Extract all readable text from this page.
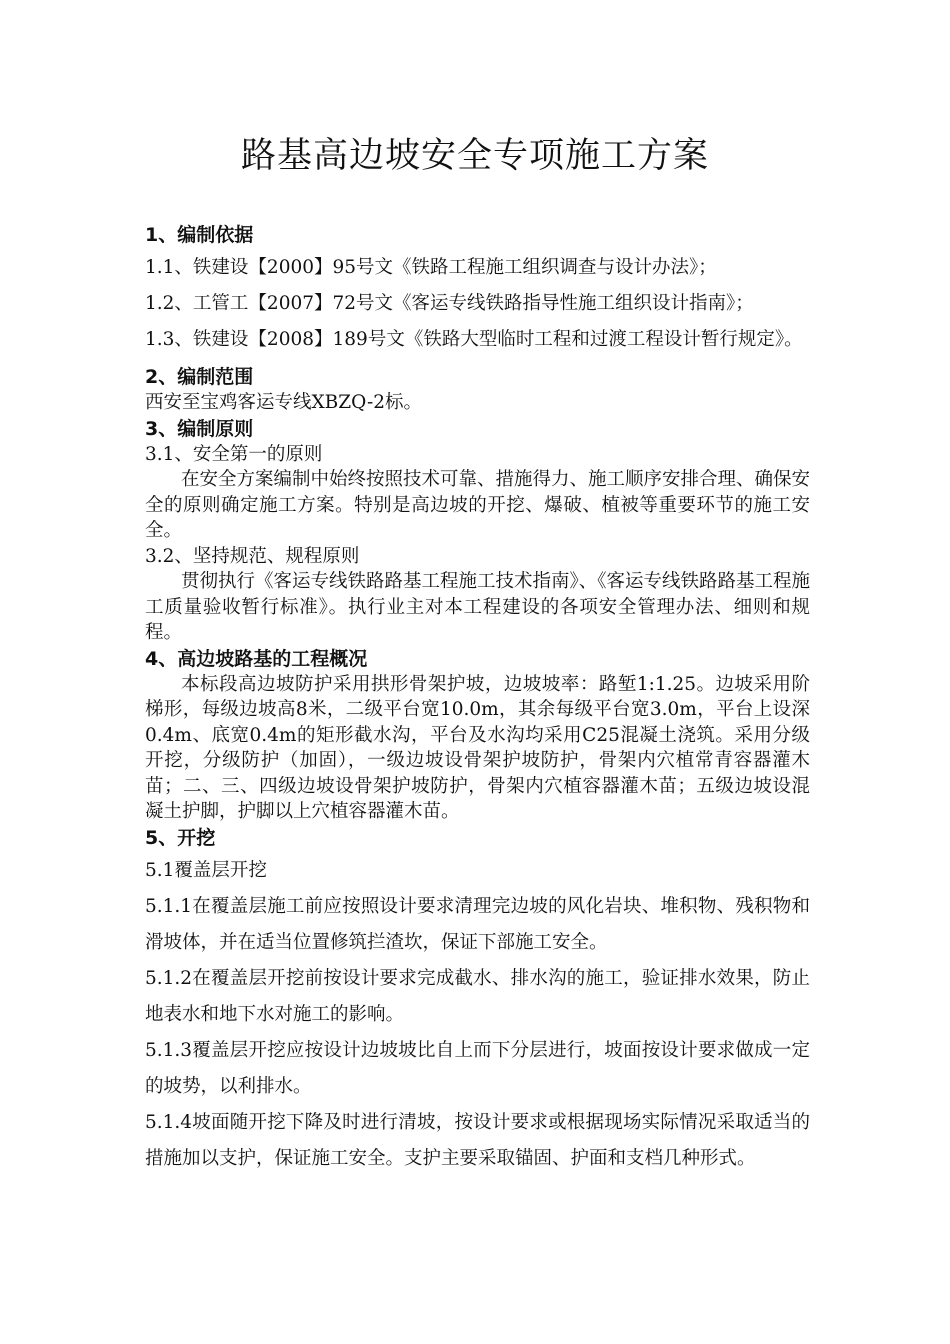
路基高边坡安全专项施工方案

1、编制依据

1.1、铁建设【2000】95号文《铁路工程施工组织调查与设计办法》；

1.2、工管工【2007】72号文《客运专线铁路指导性施工组织设计指南》；

1.3、铁建设【2008】189号文《铁路大型临时工程和过渡工程设计暂行规定》。

2、编制范围

西安至宝鸡客运专线XBZQ-2标。

3、编制原则

3.1、安全第一的原则

在安全方案编制中始终按照技术可靠、措施得力、施工顺序安排合理、确保安全的原则确定施工方案。特别是高边坡的开挖、爆破、植被等重要环节的施工安全。

3.2、坚持规范、规程原则

贯彻执行《客运专线铁路路基工程施工技术指南》、《客运专线铁路路基工程施工质量验收暂行标准》。执行业主对本工程建设的各项安全管理办法、细则和规程。

4、高边坡路基的工程概况

本标段高边坡防护采用拱形骨架护坡，边坡坡率：路堑1:1.25。边坡采用阶梯形，每级边坡高8米，二级平台宽10.0m，其余每级平台宽3.0m，平台上设深0.4m、底宽0.4m的矩形截水沟，平台及水沟均采用C25混凝土浇筑。采用分级开挖，分级防护（加固），一级边坡设骨架护坡防护，骨架内穴植常青容器灌木苗；二、三、四级边坡设骨架护坡防护，骨架内穴植容器灌木苗；五级边坡设混凝土护脚，护脚以上穴植容器灌木苗。

5、开挖

5.1覆盖层开挖

5.1.1在覆盖层施工前应按照设计要求清理完边坡的风化岩块、堆积物、残积物和滑坡体，并在适当位置修筑拦渣坎，保证下部施工安全。

5.1.2在覆盖层开挖前按设计要求完成截水、排水沟的施工，验证排水效果，防止地表水和地下水对施工的影响。

5.1.3覆盖层开挖应按设计边坡坡比自上而下分层进行，坡面按设计要求做成一定的坡势，以利排水。

5.1.4坡面随开挖下降及时进行清坡，按设计要求或根据现场实际情况采取适当的措施加以支护，保证施工安全。支护主要采取锚固、护面和支档几种形式。
